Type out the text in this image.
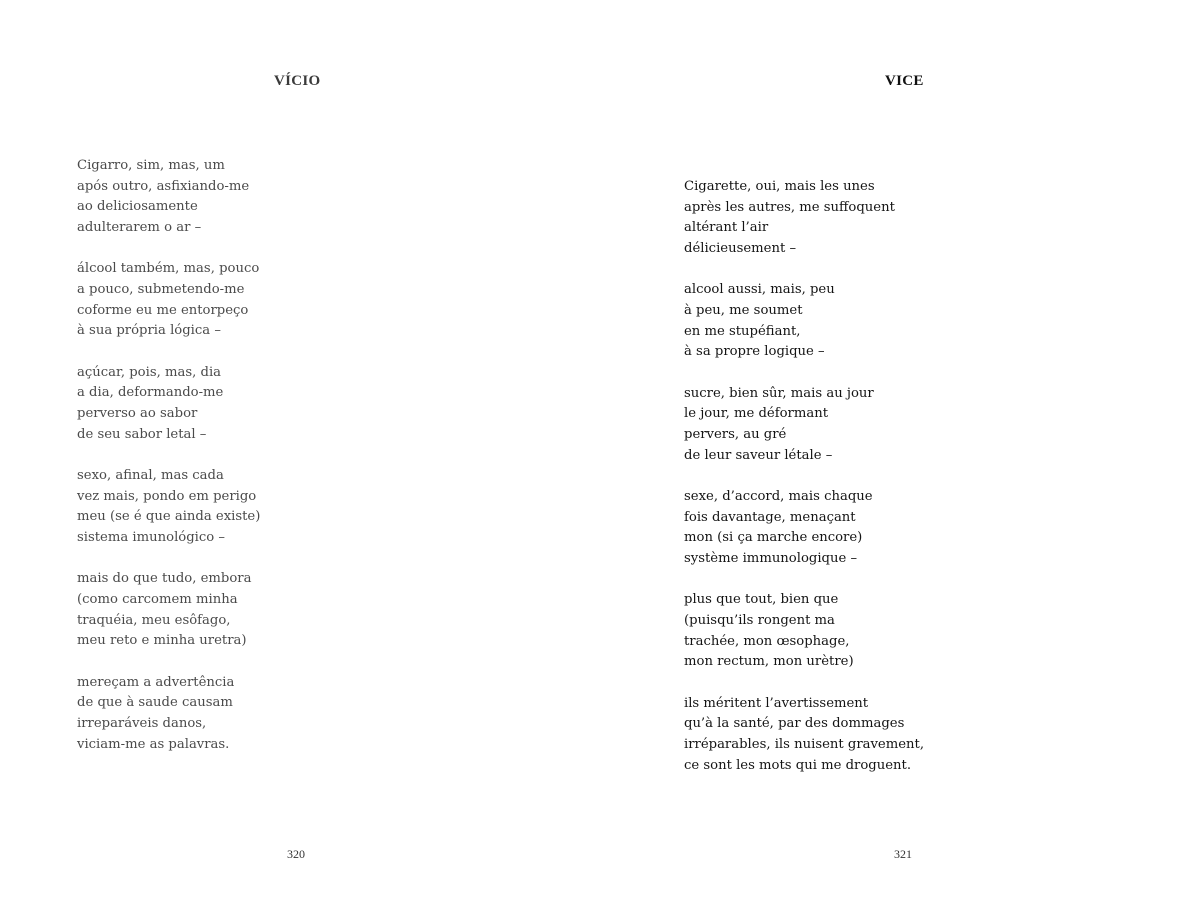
VÍCIO
Cigarro, sim, mas, um
após outro, asfixiando-me
ao deliciosamente
adulterarem o ar –
álcool também, mas, pouco
a pouco, submetendo-me
coforme eu me entorpeço
à sua própria lógica –
açúcar, pois, mas, dia
a dia, deformando-me
perverso ao sabor
de seu sabor letal –
sexo, afinal, mas cada
vez mais, pondo em perigo
meu (se é que ainda existe)
sistema imunológico –
mais do que tudo, embora
(como carcomem minha
traquéia, meu esôfago,
meu reto e minha uretra)
mereçam a advertência
de que à saude causam
irreparáveis danos,
viciam-me as palavras.
320
VICE
Cigarette, oui, mais les unes
après les autres, me suffoquent
altérant l’air
délicieusement –
alcool aussi, mais, peu
à peu, me soumet
en me stupéfiant,
à sa propre logique –
sucre, bien sûr, mais au jour
le jour, me déformant
pervers, au gré
de leur saveur létale –
sexe, d’accord, mais chaque
fois davantage, menaçant
mon (si ça marche encore)
système immunologique –
plus que tout, bien que
(puisqu’ils rongent ma
trachée, mon œsophage,
mon rectum, mon urètre)
ils méritent l’avertissement
qu’à la santé, par des dommages
irréparables, ils nuisent gravement,
ce sont les mots qui me droguent.
321
